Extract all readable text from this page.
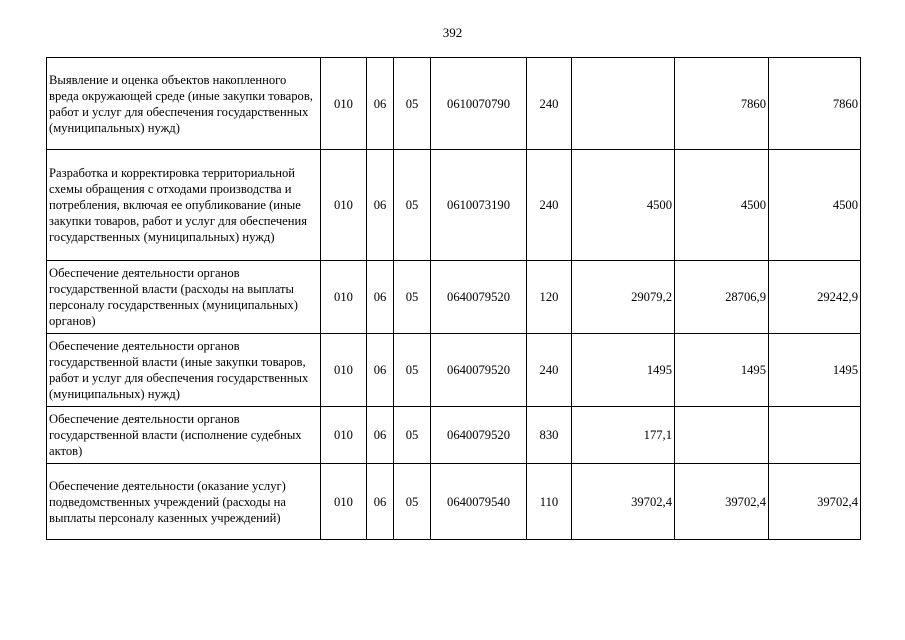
392
Выявление и оценка объектов накопленного вреда окружающей среде (иные закупки товаров, работ и услуг для обеспечения государственных (муниципальных) нужд)	010	06	05	0610070790	240		7860	7860
Разработка и корректировка территориальной схемы обращения с отходами производства и потребления, включая ее опубликование (иные закупки товаров, работ и услуг для обеспечения государственных (муниципальных) нужд)	010	06	05	0610073190	240	4500	4500	4500
Обеспечение деятельности органов государственной власти (расходы на выплаты персоналу государственных (муниципальных) органов)	010	06	05	0640079520	120	29079,2	28706,9	29242,9
Обеспечение деятельности органов государственной власти (иные закупки товаров, работ и услуг для обеспечения государственных (муниципальных) нужд)	010	06	05	0640079520	240	1495	1495	1495
Обеспечение деятельности органов государственной власти (исполнение судебных актов)	010	06	05	0640079520	830	177,1		
Обеспечение деятельности (оказание услуг) подведомственных учреждений (расходы на выплаты персоналу казенных учреждений)	010	06	05	0640079540	110	39702,4	39702,4	39702,4
